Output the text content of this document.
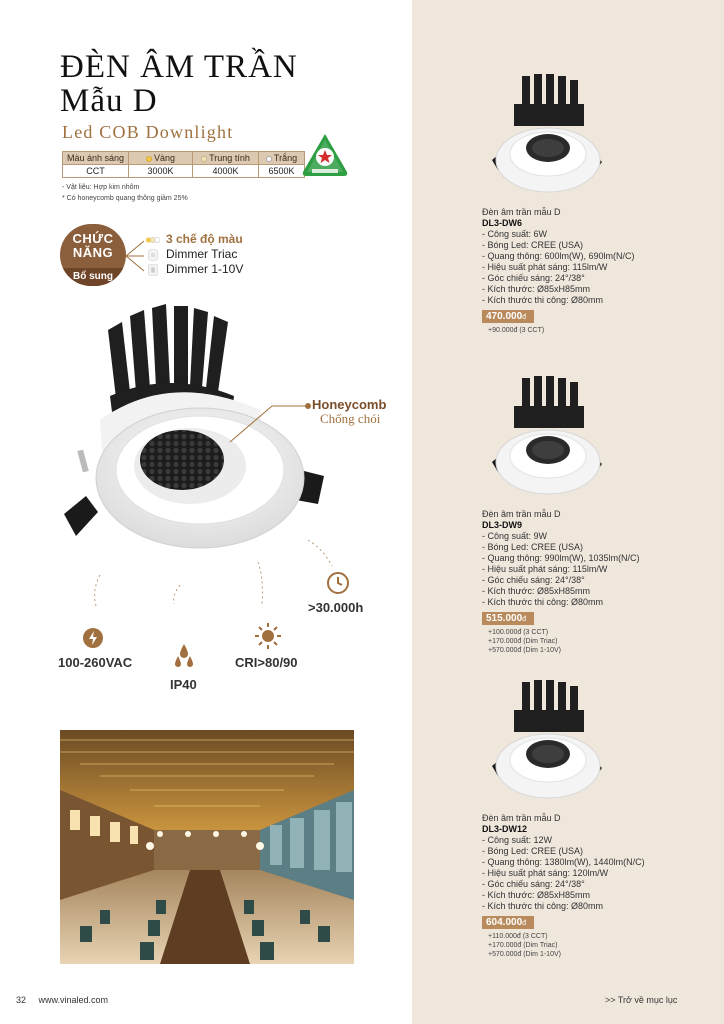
ĐÈN ÂM TRẦN
Mẫu D
Led COB Downlight
Màu ánh sáng	Vàng	Trung tính	Trắng
CCT	3000K	4000K	6500K
- Vật liệu: Hợp kim nhôm
* Có honeycomb quang thông giảm 25%
CHỨC
NĂNG
Bổ sung
3 chế độ màu
Dimmer Triac
Dimmer 1-10V
Honeycomb
Chống chói
100-260VAC
IP40
CRI>80/90
>30.000h
Đèn âm trần mẫu D
DL3-DW6
- Công suất: 6W
- Bóng Led: CREE (USA)
- Quang thông: 600lm(W), 690lm(N/C)
- Hiệu suất phát sáng: 115lm/W
- Góc chiếu sáng: 24°/38°
- Kích thước: Ø85xH85mm
- Kích thước thi công: Ø80mm
470.000đ
+90.000đ (3 CCT)
Đèn âm trần mẫu D
DL3-DW9
- Công suất: 9W
- Bóng Led: CREE (USA)
- Quang thông: 990lm(W), 1035lm(N/C)
- Hiệu suất phát sáng: 115lm/W
- Góc chiếu sáng: 24°/38°
- Kích thước: Ø85xH85mm
- Kích thước thi công: Ø80mm
515.000đ
+100.000đ (3 CCT)
+170.000đ (Dim Triac)
+570.000đ (Dim 1-10V)
Đèn âm trần mẫu D
DL3-DW12
- Công suất: 12W
- Bóng Led: CREE (USA)
- Quang thông: 1380lm(W), 1440lm(N/C)
- Hiệu suất phát sáng: 120lm/W
- Góc chiếu sáng: 24°/38°
- Kích thước: Ø85xH85mm
- Kích thước thi công: Ø80mm
604.000đ
+110.000đ (3 CCT)
+170.000đ (Dim Triac)
+570.000đ (Dim 1-10V)
32 www.vinaled.com	>> Trở về mục lục
